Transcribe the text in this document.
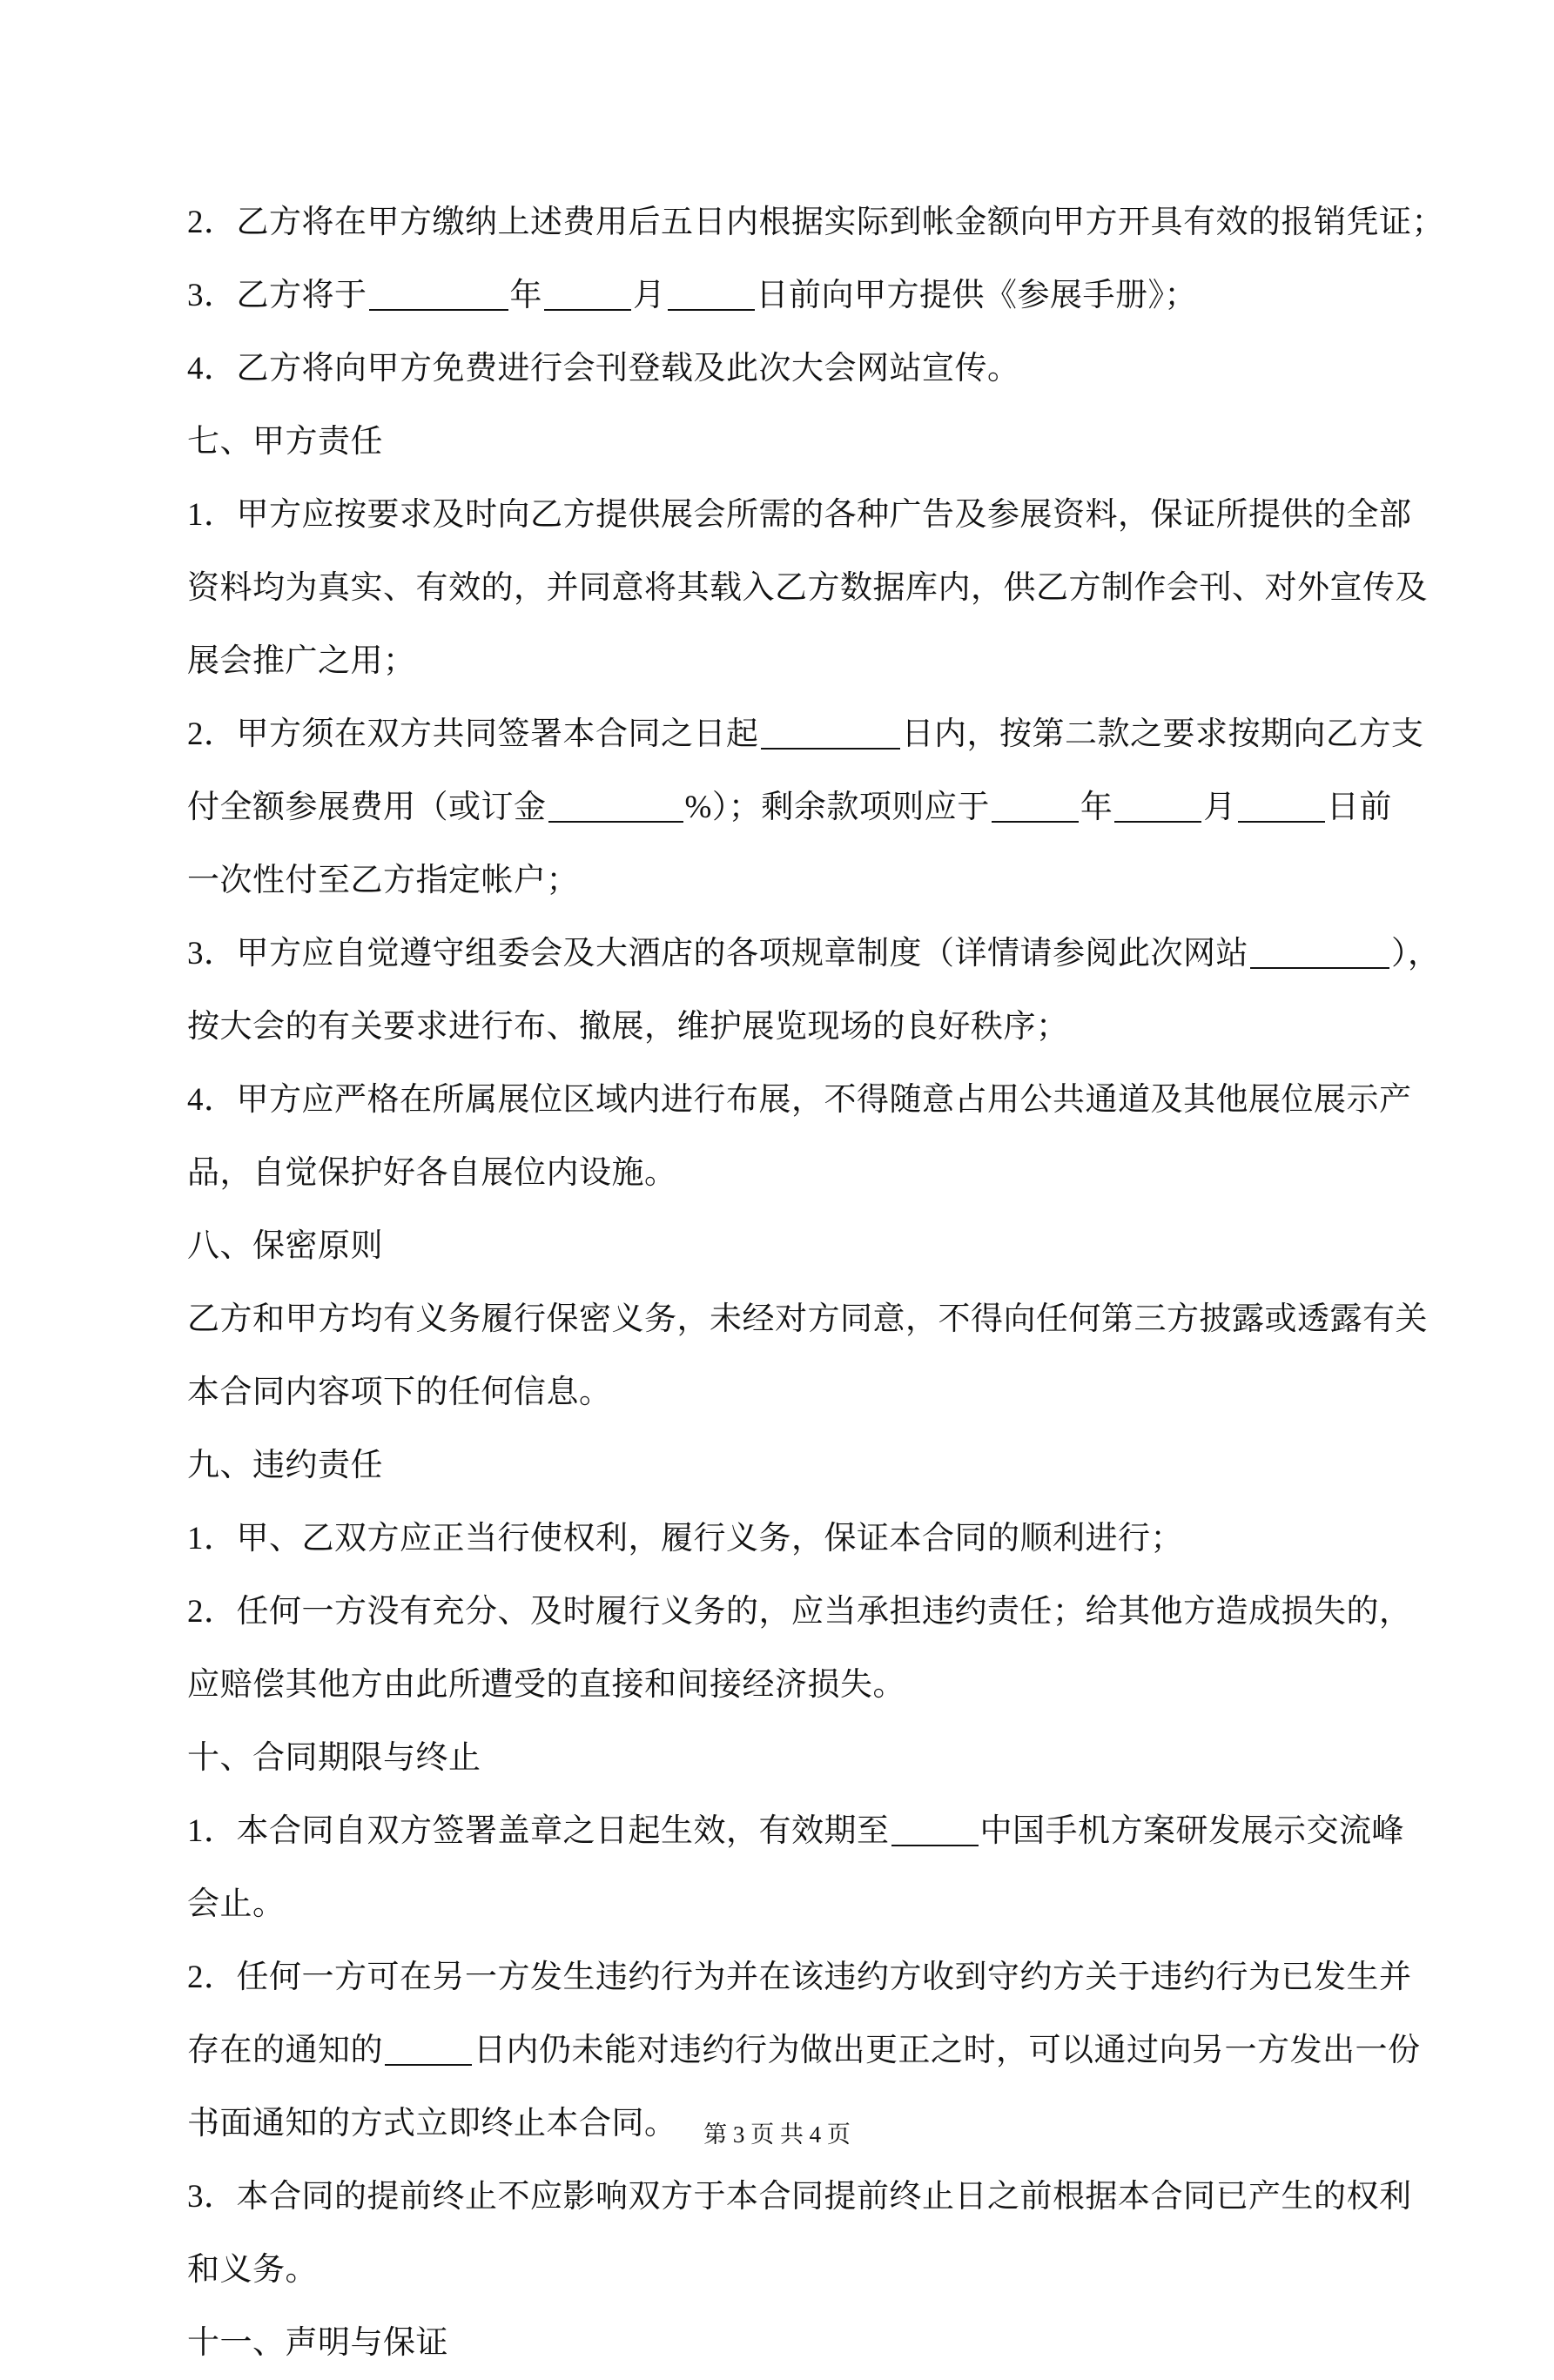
2．乙方将在甲方缴纳上述费用后五日内根据实际到帐金额向甲方开具有效的报销凭证；
3．乙方将于	年	月	日前向甲方提供《参展手册》；
4．乙方将向甲方免费进行会刊登载及此次大会网站宣传。
七、甲方责任
1．甲方应按要求及时向乙方提供展会所需的各种广告及参展资料，保证所提供的全部
资料均为真实、有效的，并同意将其载入乙方数据库内，供乙方制作会刊、对外宣传及
展会推广之用；
2．甲方须在双方共同签署本合同之日起	日内，按第二款之要求按期向乙方支
付全额参展费用（或订金	%）；剩余款项则应于	年	月	日前
一次性付至乙方指定帐户；
3．甲方应自觉遵守组委会及大酒店的各项规章制度（详情请参阅此次网站	），
按大会的有关要求进行布、撤展，维护展览现场的良好秩序；
4．甲方应严格在所属展位区域内进行布展，不得随意占用公共通道及其他展位展示产
品，自觉保护好各自展位内设施。
八、保密原则
乙方和甲方均有义务履行保密义务，未经对方同意，不得向任何第三方披露或透露有关
本合同内容项下的任何信息。
九、违约责任
1．甲、乙双方应正当行使权利，履行义务，保证本合同的顺利进行；
2．任何一方没有充分、及时履行义务的，应当承担违约责任；给其他方造成损失的，
应赔偿其他方由此所遭受的直接和间接经济损失。
十、合同期限与终止
1．本合同自双方签署盖章之日起生效，有效期至	中国手机方案研发展示交流峰
会止。
2．任何一方可在另一方发生违约行为并在该违约方收到守约方关于违约行为已发生并
存在的通知的	日内仍未能对违约行为做出更正之时，可以通过向另一方发出一份
书面通知的方式立即终止本合同。
3．本合同的提前终止不应影响双方于本合同提前终止日之前根据本合同已产生的权利
和义务。
十一、声明与保证
第 3 页 共 4 页
